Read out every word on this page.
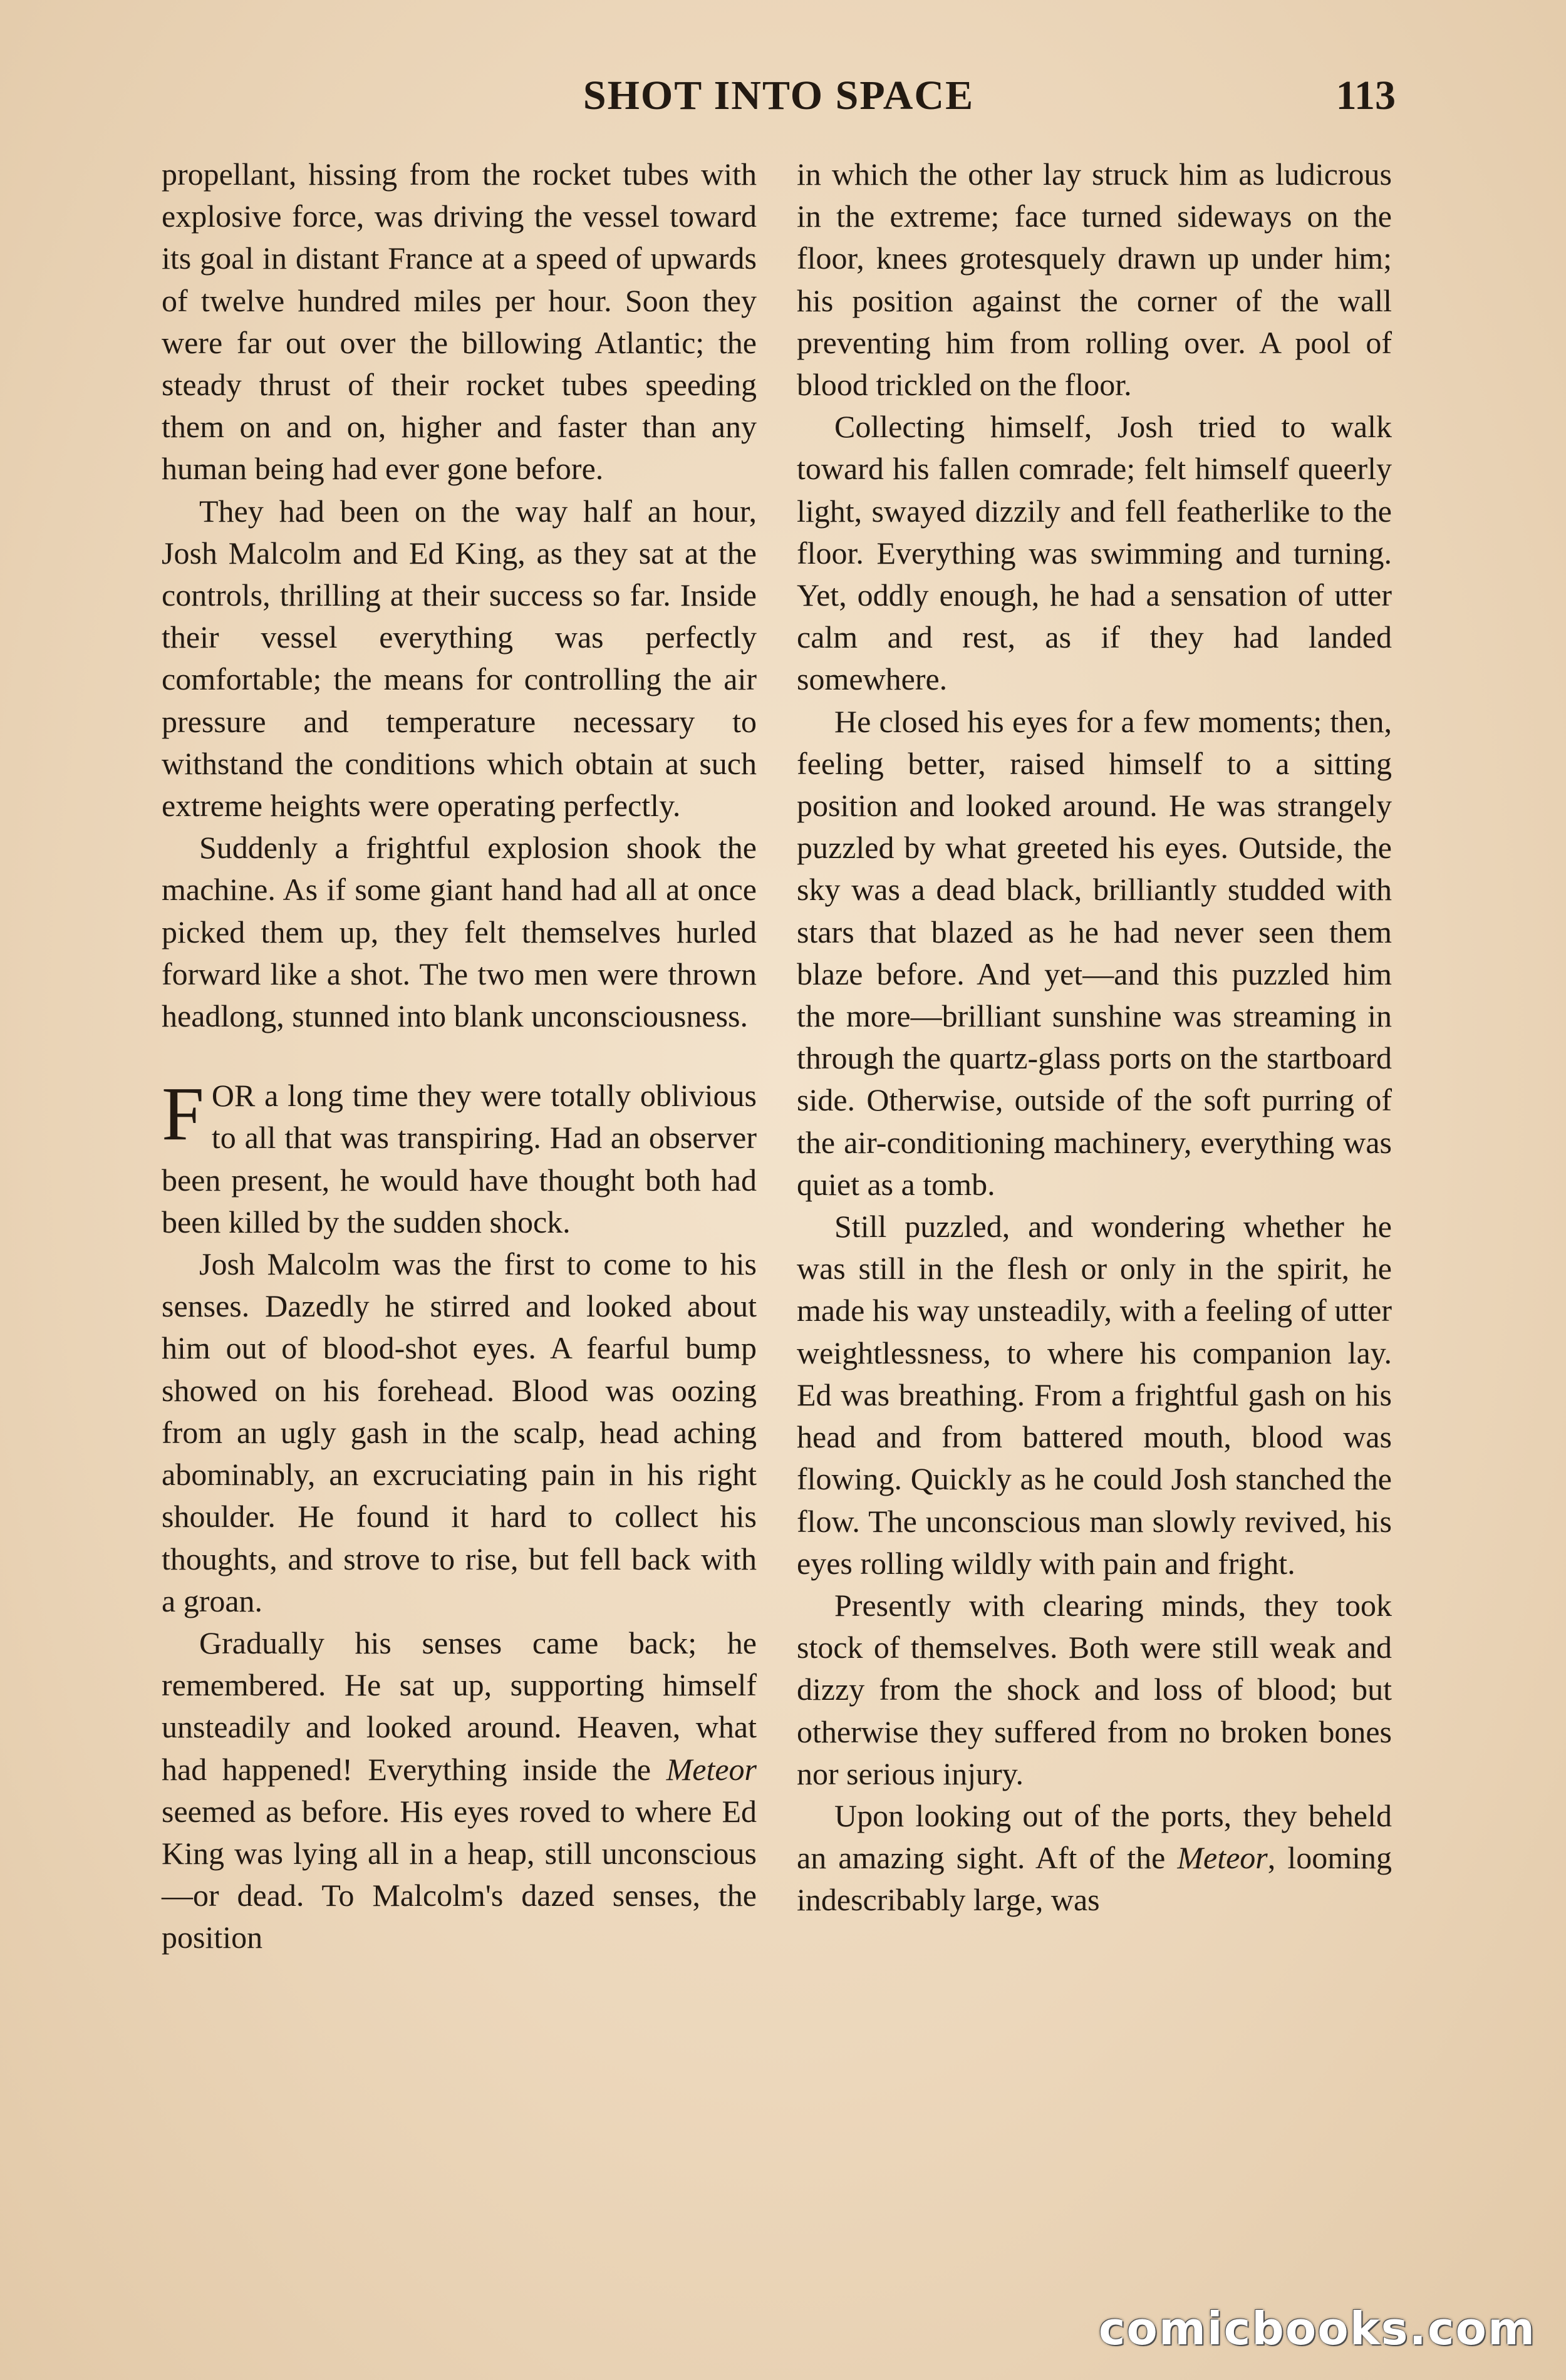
SHOT INTO SPACE	113

propellant, hissing from the rocket tubes with explosive force, was driving the vessel toward its goal in distant France at a speed of upwards of twelve hundred miles per hour. Soon they were far out over the billowing Atlantic; the steady thrust of their rocket tubes speeding them on and on, higher and faster than any human being had ever gone before.

They had been on the way half an hour, Josh Malcolm and Ed King, as they sat at the controls, thrilling at their success so far. Inside their vessel everything was perfectly comfortable; the means for controlling the air pressure and temperature necessary to withstand the conditions which obtain at such extreme heights were operating perfectly.

Suddenly a frightful explosion shook the machine. As if some giant hand had all at once picked them up, they felt themselves hurled forward like a shot. The two men were thrown headlong, stunned into blank unconsciousness.

FOR a long time they were totally oblivious to all that was transpiring. Had an observer been present, he would have thought both had been killed by the sudden shock.

Josh Malcolm was the first to come to his senses. Dazedly he stirred and looked about him out of blood-shot eyes. A fearful bump showed on his forehead. Blood was oozing from an ugly gash in the scalp, head aching abominably, an excruciating pain in his right shoulder. He found it hard to collect his thoughts, and strove to rise, but fell back with a groan.

Gradually his senses came back; he remembered. He sat up, supporting himself unsteadily and looked around. Heaven, what had happened! Everything inside the Meteor seemed as before. His eyes roved to where Ed King was lying all in a heap, still unconscious—or dead. To Malcolm's dazed senses, the position

in which the other lay struck him as ludicrous in the extreme; face turned sideways on the floor, knees grotesquely drawn up under him; his position against the corner of the wall preventing him from rolling over. A pool of blood trickled on the floor.

Collecting himself, Josh tried to walk toward his fallen comrade; felt himself queerly light, swayed dizzily and fell featherlike to the floor. Everything was swimming and turning. Yet, oddly enough, he had a sensation of utter calm and rest, as if they had landed somewhere.

He closed his eyes for a few moments; then, feeling better, raised himself to a sitting position and looked around. He was strangely puzzled by what greeted his eyes. Outside, the sky was a dead black, brilliantly studded with stars that blazed as he had never seen them blaze before. And yet—and this puzzled him the more—brilliant sunshine was streaming in through the quartz-glass ports on the startboard side. Otherwise, outside of the soft purring of the air-conditioning machinery, everything was quiet as a tomb.

Still puzzled, and wondering whether he was still in the flesh or only in the spirit, he made his way unsteadily, with a feeling of utter weightlessness, to where his companion lay. Ed was breathing. From a frightful gash on his head and from battered mouth, blood was flowing. Quickly as he could Josh stanched the flow. The unconscious man slowly revived, his eyes rolling wildly with pain and fright.

Presently with clearing minds, they took stock of themselves. Both were still weak and dizzy from the shock and loss of blood; but otherwise they suffered from no broken bones nor serious injury.

Upon looking out of the ports, they beheld an amazing sight. Aft of the Meteor, looming indescribably large, was

comicbooks.com
